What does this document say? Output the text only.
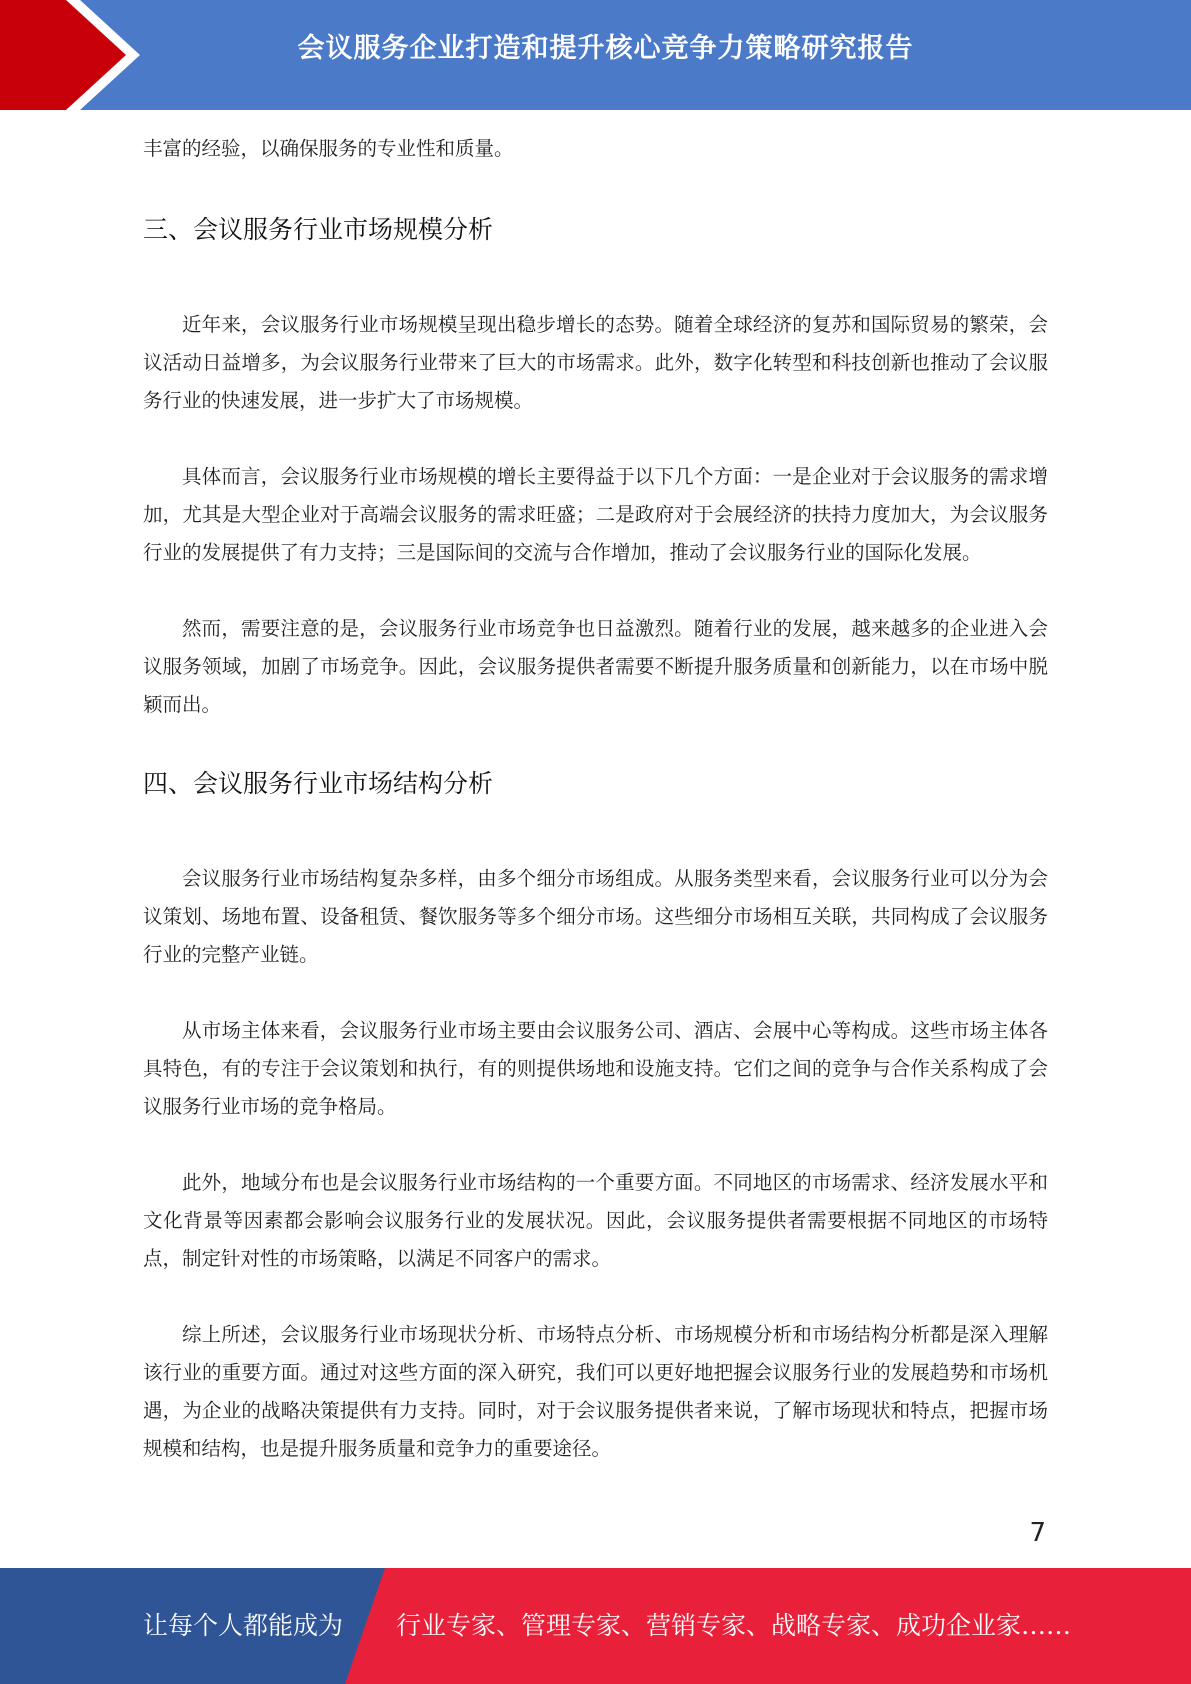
会议服务企业打造和提升核心竞争力策略研究报告

丰富的经验，以确保服务的专业性和质量。

三、会议服务行业市场规模分析

近年来，会议服务行业市场规模呈现出稳步增长的态势。随着全球经济的复苏和国际贸易的繁荣，会议活动日益增多，为会议服务行业带来了巨大的市场需求。此外，数字化转型和科技创新也推动了会议服务行业的快速发展，进一步扩大了市场规模。

具体而言，会议服务行业市场规模的增长主要得益于以下几个方面：一是企业对于会议服务的需求增加，尤其是大型企业对于高端会议服务的需求旺盛；二是政府对于会展经济的扶持力度加大，为会议服务行业的发展提供了有力支持；三是国际间的交流与合作增加，推动了会议服务行业的国际化发展。

然而，需要注意的是，会议服务行业市场竞争也日益激烈。随着行业的发展，越来越多的企业进入会议服务领域，加剧了市场竞争。因此，会议服务提供者需要不断提升服务质量和创新能力，以在市场中脱颖而出。

四、会议服务行业市场结构分析

会议服务行业市场结构复杂多样，由多个细分市场组成。从服务类型来看，会议服务行业可以分为会议策划、场地布置、设备租赁、餐饮服务等多个细分市场。这些细分市场相互关联，共同构成了会议服务行业的完整产业链。

从市场主体来看，会议服务行业市场主要由会议服务公司、酒店、会展中心等构成。这些市场主体各具特色，有的专注于会议策划和执行，有的则提供场地和设施支持。它们之间的竞争与合作关系构成了会议服务行业市场的竞争格局。

此外，地域分布也是会议服务行业市场结构的一个重要方面。不同地区的市场需求、经济发展水平和文化背景等因素都会影响会议服务行业的发展状况。因此，会议服务提供者需要根据不同地区的市场特点，制定针对性的市场策略，以满足不同客户的需求。

综上所述，会议服务行业市场现状分析、市场特点分析、市场规模分析和市场结构分析都是深入理解该行业的重要方面。通过对这些方面的深入研究，我们可以更好地把握会议服务行业的发展趋势和市场机遇，为企业的战略决策提供有力支持。同时，对于会议服务提供者来说，了解市场现状和特点，把握市场规模和结构，也是提升服务质量和竞争力的重要途径。

7
让每个人都能成为 行业专家、管理专家、营销专家、战略专家、成功企业家……
